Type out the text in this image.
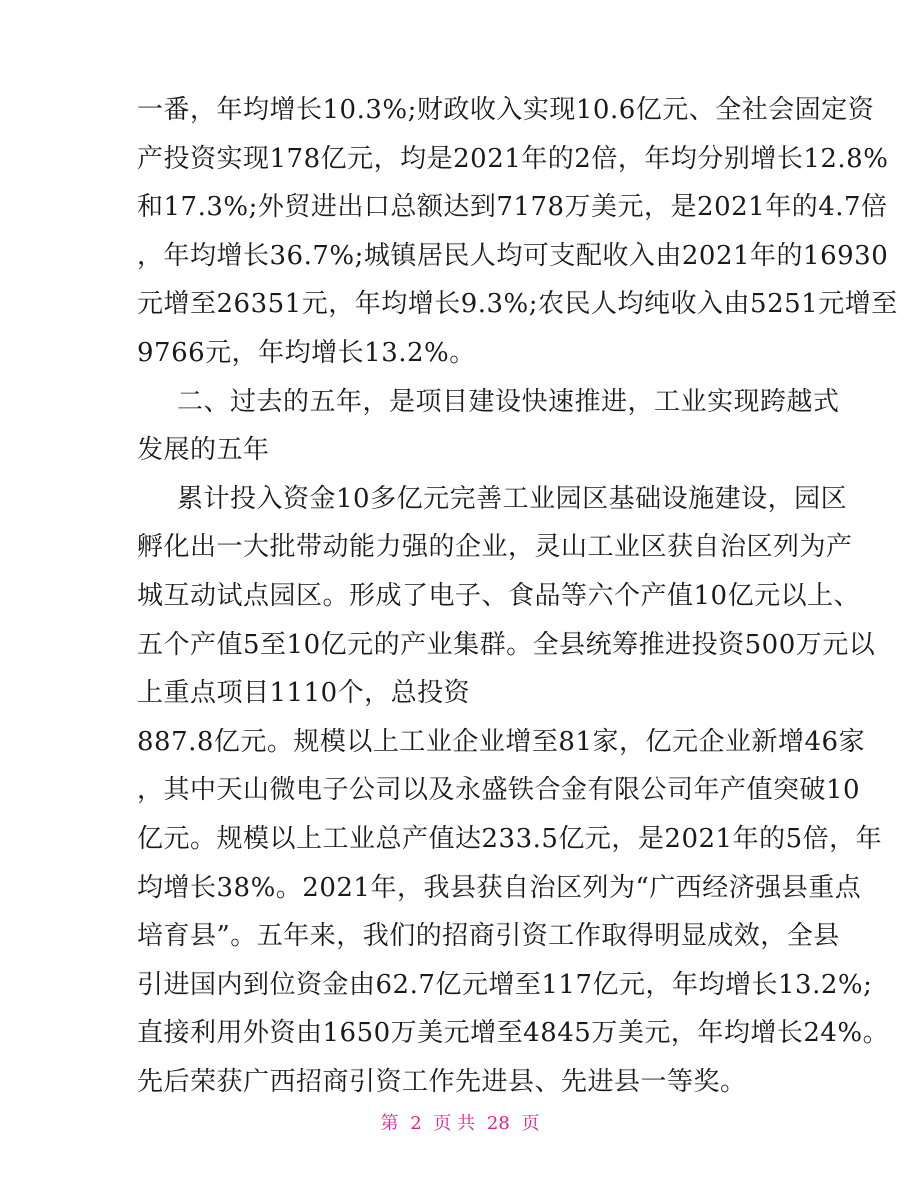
一番，年均增长10.3%;财政收入实现10.6亿元、全社会固定资
产投资实现178亿元，均是2021年的2倍，年均分别增长12.8%
和17.3%;外贸进出口总额达到7178万美元，是2021年的4.7倍
，年均增长36.7%;城镇居民人均可支配收入由2021年的16930
元增至26351元，年均增长9.3%;农民人均纯收入由5251元增至
9766元，年均增长13.2%。
二、过去的五年，是项目建设快速推进，工业实现跨越式
发展的五年
累计投入资金10多亿元完善工业园区基础设施建设，园区
孵化出一大批带动能力强的企业，灵山工业区获自治区列为产
城互动试点园区。形成了电子、食品等六个产值10亿元以上、
五个产值5至10亿元的产业集群。全县统筹推进投资500万元以
上重点项目1110个，总投资
887.8亿元。规模以上工业企业增至81家，亿元企业新增46家
，其中天山微电子公司以及永盛铁合金有限公司年产值突破10
亿元。规模以上工业总产值达233.5亿元，是2021年的5倍，年
均增长38%。2021年，我县获自治区列为“广西经济强县重点
培育县”。五年来，我们的招商引资工作取得明显成效，全县
引进国内到位资金由62.7亿元增至117亿元，年均增长13.2%;
直接利用外资由1650万美元增至4845万美元，年均增长24%。
先后荣获广西招商引资工作先进县、先进县一等奖。
第 2 页 共 28 页
